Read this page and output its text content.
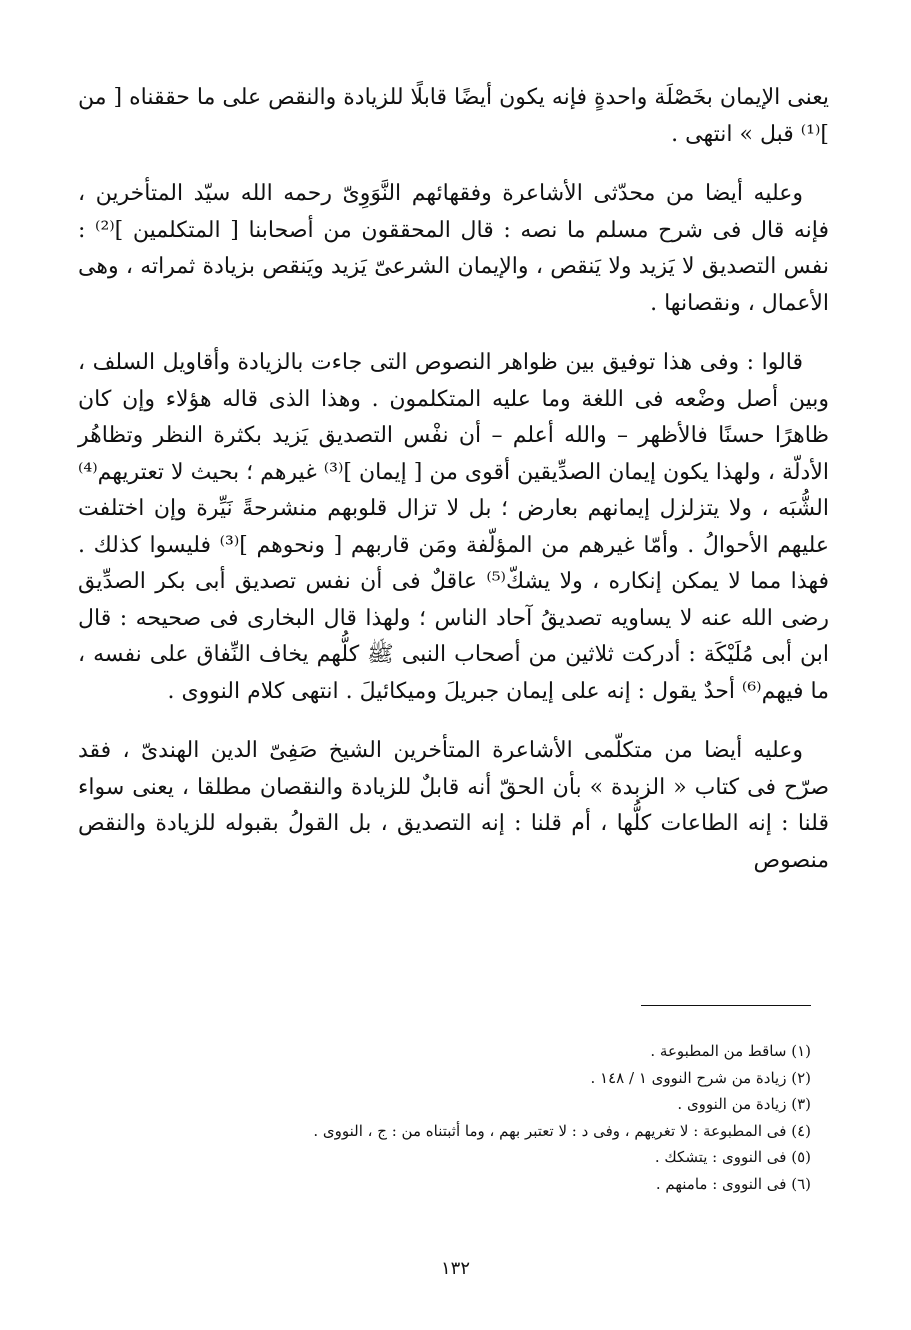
يعنى الإيمان بخَصْلَة واحدةٍ فإنه يكون أيضًا قابلًا للزيادة والنقص على ما حققناه [ من ]⁽¹⁾ قبل » انتهى .

وعليه أيضا من محدّثى الأشاعرة وفقهائهم النَّوَوِىّ رحمه الله سيّد المتأخرين ، فإنه قال فى شرح مسلم ما نصه : قال المحققون من أصحابنا [ المتكلمين ]⁽²⁾ : نفس التصديق لا يَزيد ولا يَنقص ، والإيمان الشرعىّ يَزيد ويَنقص بزيادة ثمراته ، وهى الأعمال ، ونقصانها .

قالوا : وفى هذا توفيق بين ظواهر النصوص التى جاءت بالزيادة وأقاويل السلف ، وبين أصل وضْعه فى اللغة وما عليه المتكلمون . وهذا الذى قاله هؤلاء وإن كان ظاهرًا حسنًا فالأظهر – والله أعلم – أن نفْس التصديق يَزيد بكثرة النظر وتظاهُر الأدلّة ، ولهذا يكون إيمان الصدِّيقين أقوى من [ إيمان ]⁽³⁾ غيرهم ؛ بحيث لا تعتريهم⁽⁴⁾ الشُّبَه ، ولا يتزلزل إيمانهم بعارض ؛ بل لا تزال قلوبهم منشرحةً نَيِّرة وإن اختلفت عليهم الأحوالُ . وأمّا غيرهم من المؤلّفة ومَن قاربهم [ ونحوهم ]⁽³⁾ فليسوا كذلك . فهذا مما لا يمكن إنكاره ، ولا يشكّ⁽⁵⁾ عاقلٌ فى أن نفس تصديق أبى بكر الصدِّيق رضى الله عنه لا يساويه تصديقُ آحاد الناس ؛ ولهذا قال البخارى فى صحيحه : قال ابن أبى مُلَيْكَة : أدركت ثلاثين من أصحاب النبى ﷺ كلُّهم يخاف النِّفاق على نفسه ، ما فيهم⁽⁶⁾ أحدٌ يقول : إنه على إيمان جبريلَ وميكائيلَ . انتهى كلام النووى .

وعليه أيضا من متكلّمى الأشاعرة المتأخرين الشيخ صَفِىّ الدين الهندىّ ، فقد صرّح فى كتاب « الزبدة » بأن الحقّ أنه قابلٌ للزيادة والنقصان مطلقا ، يعنى سواء قلنا : إنه الطاعات كلُّها ، أم قلنا : إنه التصديق ، بل القولُ بقبوله للزيادة والنقص منصوص

(١) ساقط من المطبوعة .

(٢) زيادة من شرح النووى ١ / ١٤٨ .

(٣) زيادة من النووى .

(٤) فى المطبوعة : لا تغريهم ، وفى د : لا تعتبر بهم ، وما أثبتناه من : ج ، النووى .

(٥) فى النووى : يتشكك .

(٦) فى النووى : مامنهم .

١٣٢
